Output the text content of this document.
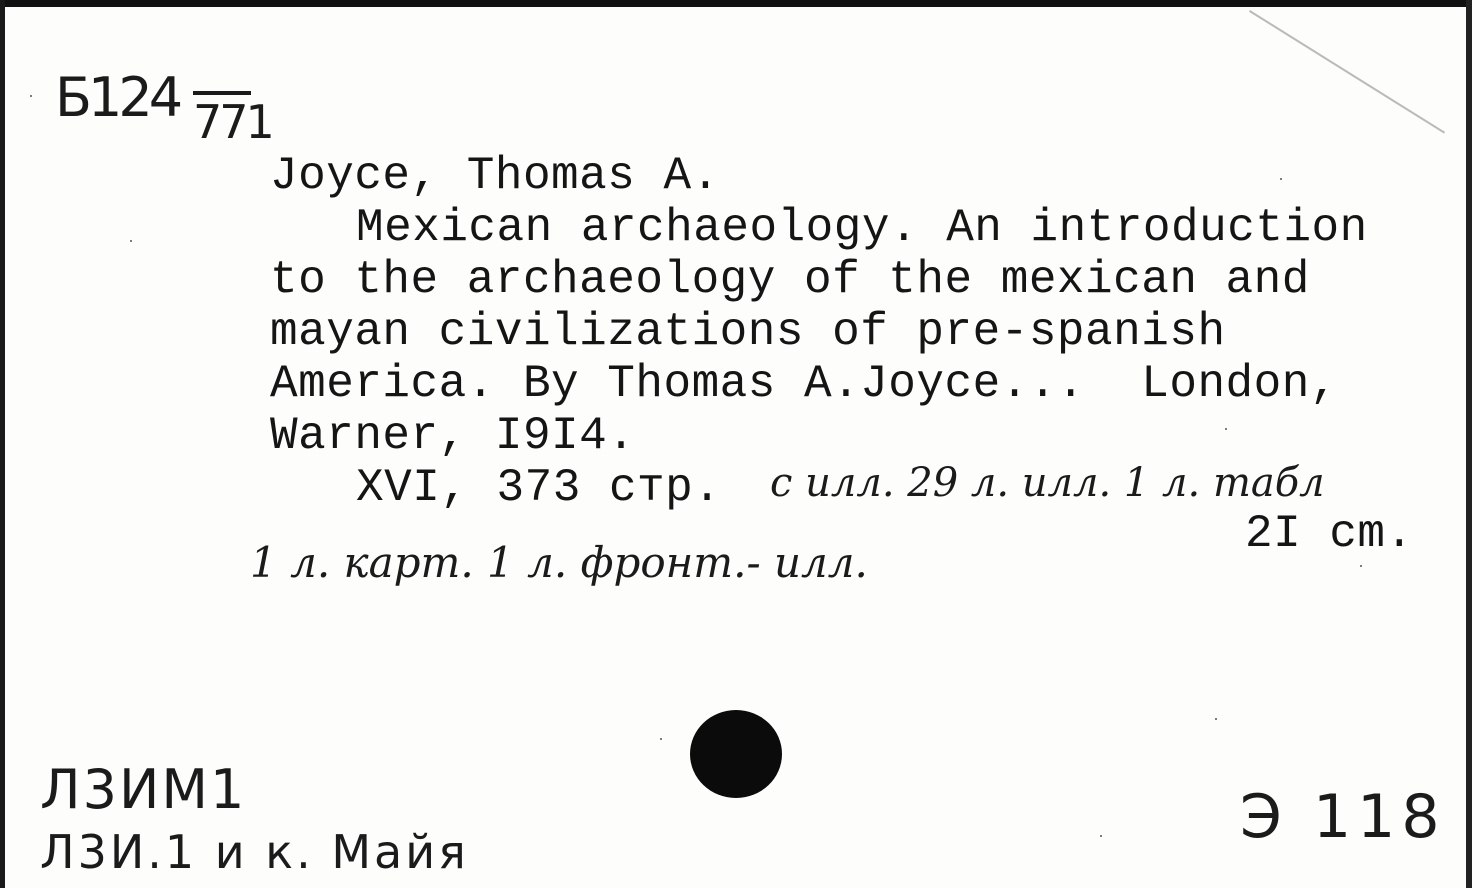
Б124 771

Joyce, Thomas A.

Mexican archaeology. An introduction

to the archaeology of the mexican and

mayan civilizations of pre-spanish

America. By Thomas A.Joyce...  London,

Warner, I9I4.

XVI, 373 стр. с илл. 29 л. илл. 1 л. табл

2I cm.

1 л. карт. 1 л. фронт.- илл.

Л3ИМ1

Л3И.1 и к. Майя	Э 118
